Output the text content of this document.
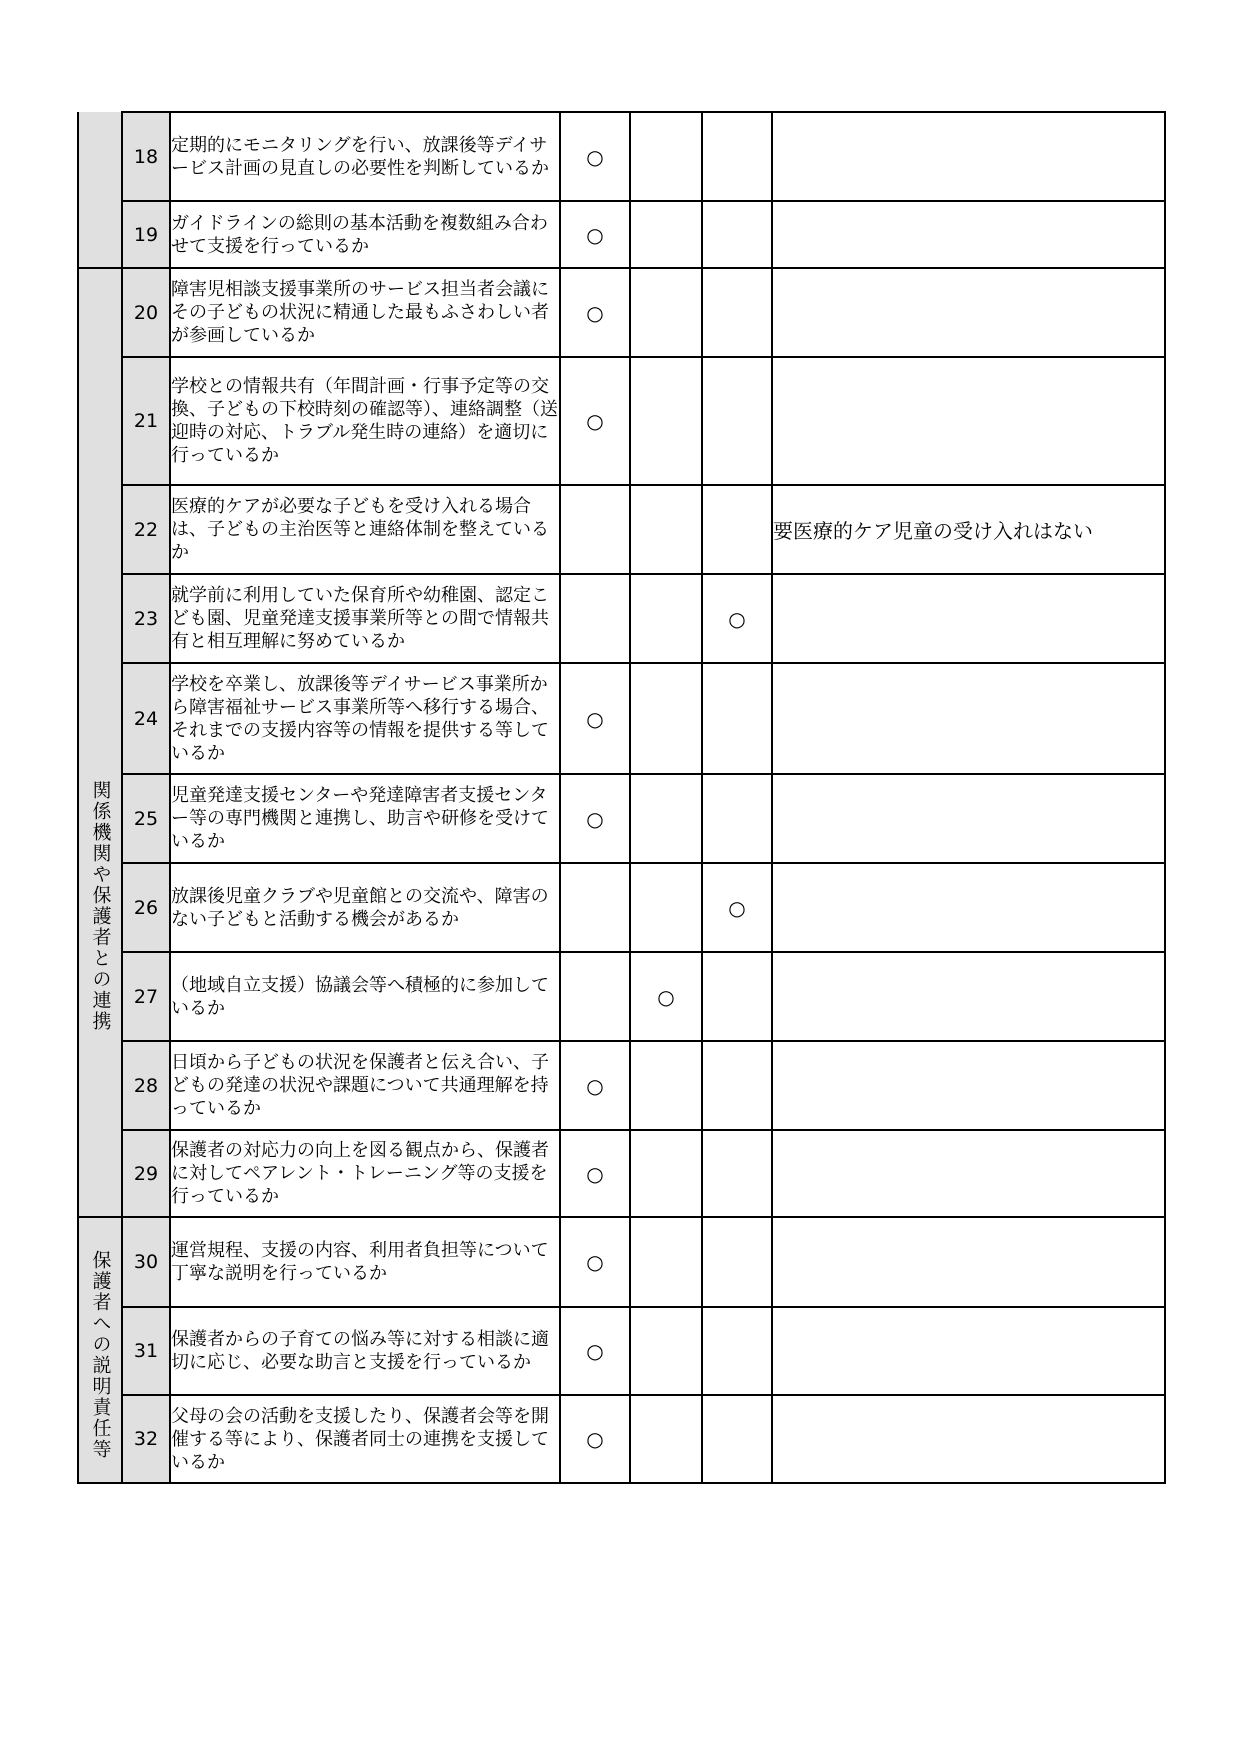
	18	定期的にモニタリングを行い、放課後等デイサービス計画の見直しの必要性を判断しているか	○			
	19	ガイドラインの総則の基本活動を複数組み合わせて支援を行っているか	○			
関係機関や保護者との連携	20	障害児相談支援事業所のサービス担当者会議にその子どもの状況に精通した最もふさわしい者が参画しているか	○			
	21	学校との情報共有（年間計画・行事予定等の交換、子どもの下校時刻の確認等）、連絡調整（送迎時の対応、トラブル発生時の連絡）を適切に行っているか	○			
	22	医療的ケアが必要な子どもを受け入れる場合は、子どもの主治医等と連絡体制を整えているか				要医療的ケア児童の受け入れはない
	23	就学前に利用していた保育所や幼稚園、認定こども園、児童発達支援事業所等との間で情報共有と相互理解に努めているか			○	
	24	学校を卒業し、放課後等デイサービス事業所から障害福祉サービス事業所等へ移行する場合、それまでの支援内容等の情報を提供する等しているか	○			
	25	児童発達支援センターや発達障害者支援センター等の専門機関と連携し、助言や研修を受けているか	○			
	26	放課後児童クラブや児童館との交流や、障害のない子どもと活動する機会があるか			○	
	27	（地域自立支援）協議会等へ積極的に参加しているか		○		
	28	日頃から子どもの状況を保護者と伝え合い、子どもの発達の状況や課題について共通理解を持っているか	○			
	29	保護者の対応力の向上を図る観点から、保護者に対してペアレント・トレーニング等の支援を行っているか	○			
保護者への説明責任等	30	運営規程、支援の内容、利用者負担等について丁寧な説明を行っているか	○			
	31	保護者からの子育ての悩み等に対する相談に適切に応じ、必要な助言と支援を行っているか	○			
	32	父母の会の活動を支援したり、保護者会等を開催する等により、保護者同士の連携を支援しているか	○			
